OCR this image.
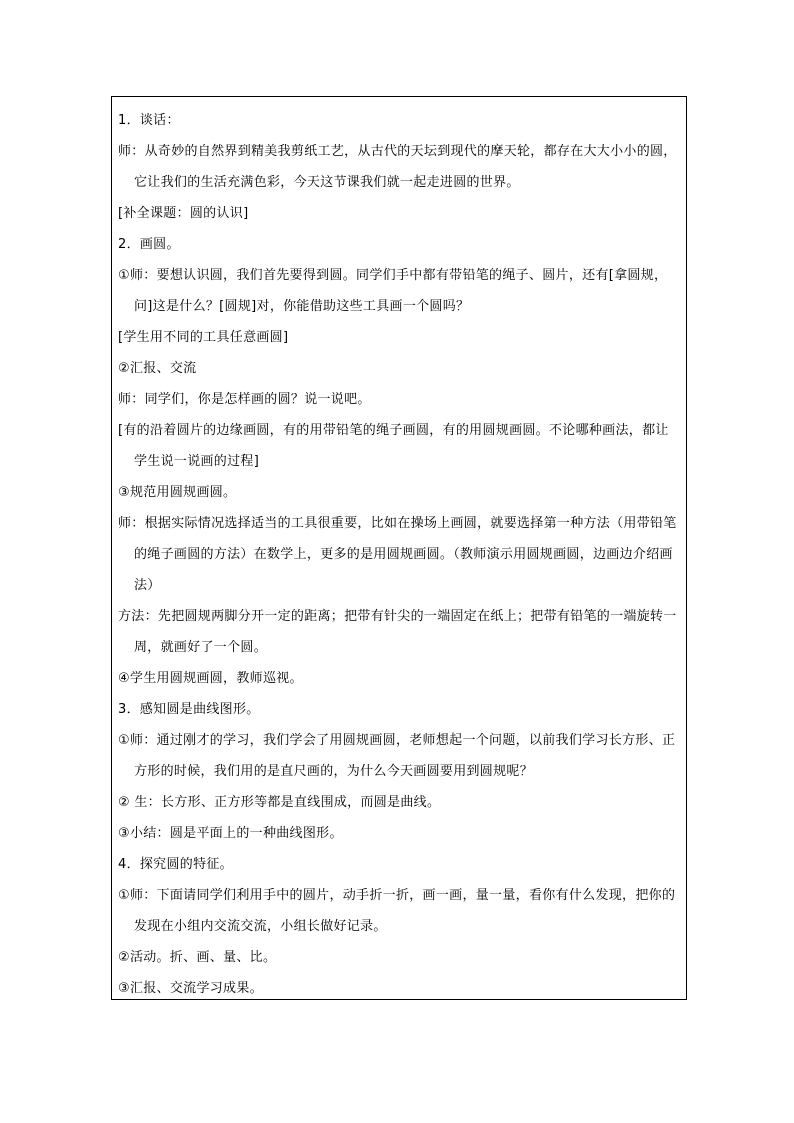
1．谈话：
师：从奇妙的自然界到精美我剪纸工艺，从古代的天坛到现代的摩天轮，都存在大大小小的圆，它让我们的生活充满色彩，今天这节课我们就一起走进圆的世界。
[补全课题：圆的认识]
2．画圆。
①师：要想认识圆，我们首先要得到圆。同学们手中都有带铅笔的绳子、圆片，还有[拿圆规，问]这是什么？[圆规]对，你能借助这些工具画一个圆吗？
[学生用不同的工具任意画圆]
②汇报、交流
师：同学们，你是怎样画的圆？说一说吧。
[有的沿着圆片的边缘画圆，有的用带铅笔的绳子画圆，有的用圆规画圆。不论哪种画法，都让学生说一说画的过程]
③规范用圆规画圆。
师：根据实际情况选择适当的工具很重要，比如在操场上画圆，就要选择第一种方法（用带铅笔的绳子画圆的方法）在数学上，更多的是用圆规画圆。（教师演示用圆规画圆，边画边介绍画法）
方法：先把圆规两脚分开一定的距离；把带有针尖的一端固定在纸上；把带有铅笔的一端旋转一周，就画好了一个圆。
④学生用圆规画圆，教师巡视。
3．感知圆是曲线图形。
①师：通过刚才的学习，我们学会了用圆规画圆，老师想起一个问题，以前我们学习长方形、正方形的时候，我们用的是直尺画的，为什么今天画圆要用到圆规呢？
② 生：长方形、正方形等都是直线围成，而圆是曲线。
③小结：圆是平面上的一种曲线图形。
4．探究圆的特征。
①师：下面请同学们利用手中的圆片，动手折一折，画一画，量一量，看你有什么发现，把你的发现在小组内交流交流，小组长做好记录。
②活动。折、画、量、比。
③汇报、交流学习成果。
